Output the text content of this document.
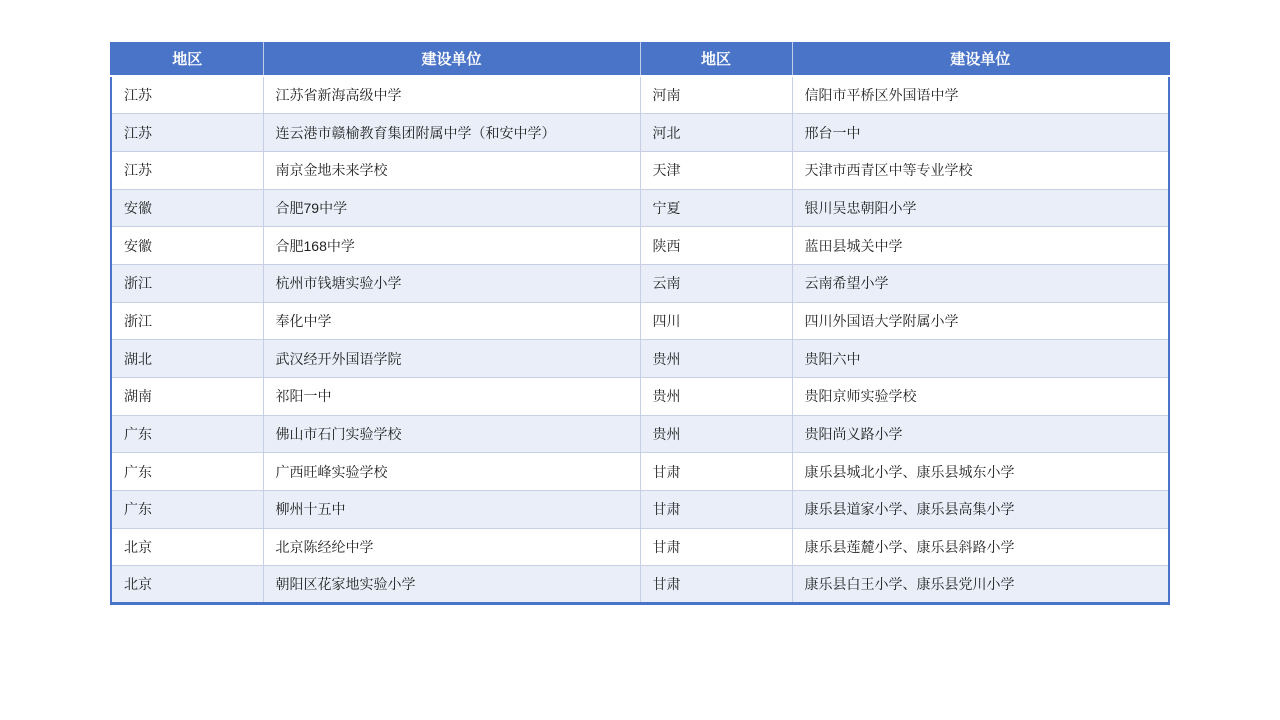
地区	建设单位	地区	建设单位
江苏	江苏省新海高级中学	河南	信阳市平桥区外国语中学
江苏	连云港市赣榆教育集团附属中学（和安中学）	河北	邢台一中
江苏	南京金地未来学校	天津	天津市西青区中等专业学校
安徽	合肥79中学	宁夏	银川吴忠朝阳小学
安徽	合肥168中学	陕西	蓝田县城关中学
浙江	杭州市钱塘实验小学	云南	云南希望小学
浙江	奉化中学	四川	四川外国语大学附属小学
湖北	武汉经开外国语学院	贵州	贵阳六中
湖南	祁阳一中	贵州	贵阳京师实验学校
广东	佛山市石门实验学校	贵州	贵阳尚义路小学
广东	广西旺峰实验学校	甘肃	康乐县城北小学、康乐县城东小学
广东	柳州十五中	甘肃	康乐县道家小学、康乐县高集小学
北京	北京陈经纶中学	甘肃	康乐县莲麓小学、康乐县斜路小学
北京	朝阳区花家地实验小学	甘肃	康乐县白王小学、康乐县党川小学
